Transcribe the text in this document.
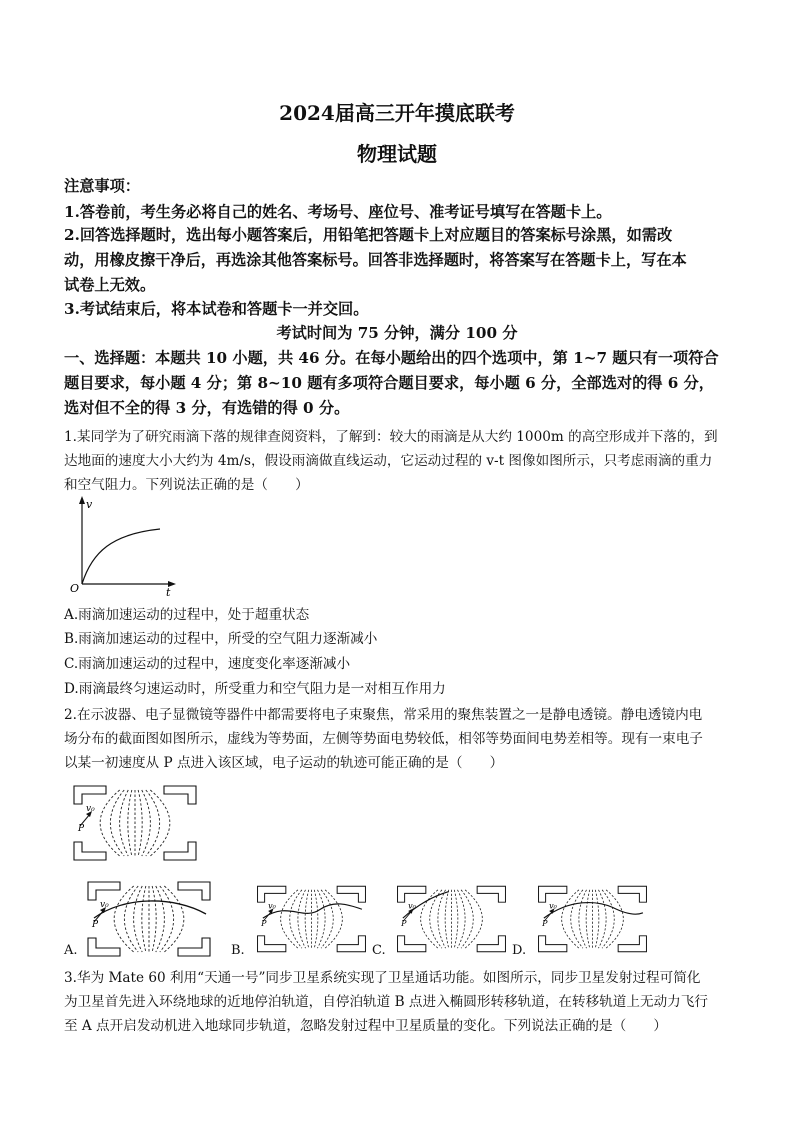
2024届高三开年摸底联考
物理试题
注意事项：
1.答卷前，考生务必将自己的姓名、考场号、座位号、准考证号填写在答题卡上。
2.回答选择题时，选出每小题答案后，用铅笔把答题卡上对应题目的答案标号涂黑，如需改
动，用橡皮擦干净后，再选涂其他答案标号。回答非选择题时，将答案写在答题卡上，写在本
试卷上无效。
3.考试结束后，将本试卷和答题卡一并交回。
考试时间为 75 分钟，满分 100 分
一、选择题：本题共 10 小题，共 46 分。在每小题给出的四个选项中，第 1~7 题只有一项符合
题目要求，每小题 4 分；第 8~10 题有多项符合题目要求，每小题 6 分，全部选对的得 6 分，
选对但不全的得 3 分，有选错的得 0 分。
1.某同学为了研究雨滴下落的规律查阅资料，了解到：较大的雨滴是从大约 1000m 的高空形成并下落的，到
达地面的速度大小大约为 4m/s，假设雨滴做直线运动，它运动过程的 v-t 图像如图所示，只考虑雨滴的重力
和空气阻力。下列说法正确的是（　　）
v
t
O
A.雨滴加速运动的过程中，处于超重状态
B.雨滴加速运动的过程中，所受的空气阻力逐渐减小
C.雨滴加速运动的过程中，速度变化率逐渐减小
D.雨滴最终匀速运动时，所受重力和空气阻力是一对相互作用力
2.在示波器、电子显微镜等器件中都需要将电子束聚焦，常采用的聚焦装置之一是静电透镜。静电透镜内电
场分布的截面图如图所示，虚线为等势面，左侧等势面电势较低，相邻等势面间电势差相等。现有一束电子
以某一初速度从 P 点进入该区域，电子运动的轨迹可能正确的是（　　）
v₀
P
v₀
P
v₀
P
v₀
P
v₀
P
A.	B.	C.	D.
3.华为 Mate 60 利用“天通一号”同步卫星系统实现了卫星通话功能。如图所示，同步卫星发射过程可简化
为卫星首先进入环绕地球的近地停泊轨道，自停泊轨道 B 点进入椭圆形转移轨道，在转移轨道上无动力飞行
至 A 点开启发动机进入地球同步轨道，忽略发射过程中卫星质量的变化。下列说法正确的是（　　）
